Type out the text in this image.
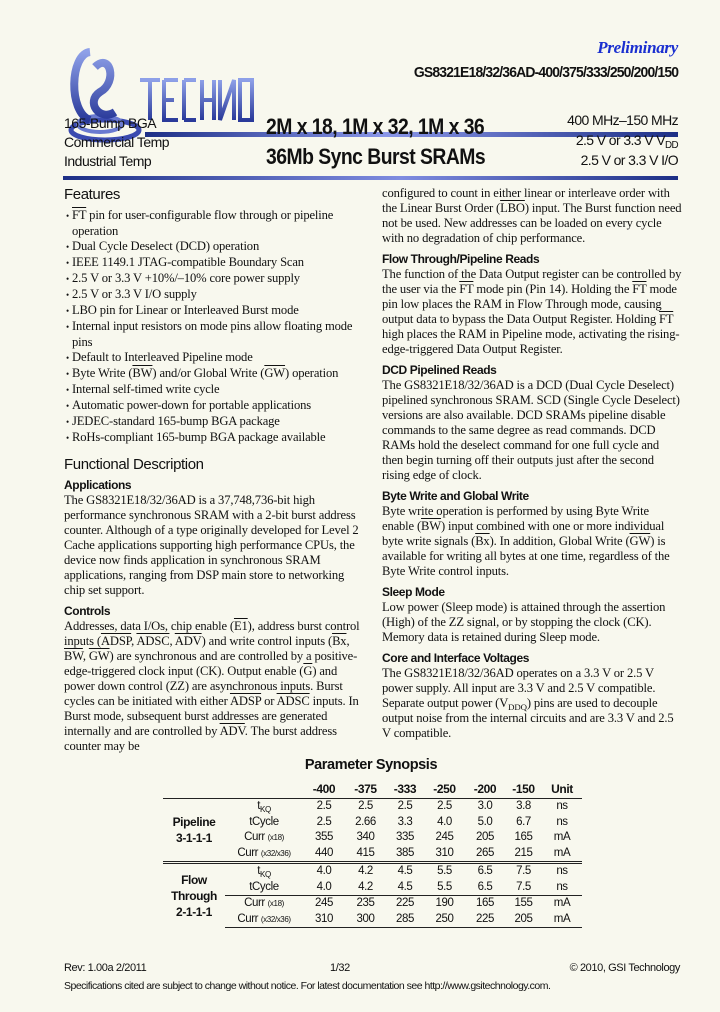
Preliminary
GS8321E18/32/36AD-400/375/333/250/200/150
165-Bump BGA
Commercial Temp
Industrial Temp
2M x 18, 1M x 32, 1M x 36
36Mb Sync Burst SRAMs
400 MHz–150 MHz
2.5 V or 3.3 V $V_{DD}$
2.5 V or 3.3 V I/O
Features
• $\overline{FT}$ pin for user-configurable flow through or pipeline operation
• Dual Cycle Deselect (DCD) operation
• IEEE 1149.1 JTAG-compatible Boundary Scan
• 2.5 V or 3.3 V +10%/–10% core power supply
• 2.5 V or 3.3 V I/O supply
• LBO pin for Linear or Interleaved Burst mode
• Internal input resistors on mode pins allow floating mode pins
• Default to Interleaved Pipeline mode
• Byte Write $(\overline{BW})$ and/or Global Write $(\overline{GW})$ operation
• Internal self-timed write cycle
• Automatic power-down for portable applications
• JEDEC-standard 165-bump BGA package
• RoHs-compliant 165-bump BGA package available
Functional Description
Applications

The GS8321E18/32/36AD is a 37,748,736-bit high performance synchronous SRAM with a 2-bit burst address counter. Although of a type originally developed for Level 2 Cache applications supporting high performance CPUs, the device now finds application in synchronous SRAM applications, ranging from DSP main store to networking chip set support.

Controls

Addresses, data I/Os, chip enable (E1), address burst control inputs (ADSP, ADSC, $\overline{ADV}$) and write control inputs ($\overline{Bx}$, $\overline{BW}$, $\overline{GW}$) are synchronous and are controlled by a positive-edge-triggered clock input (CK). Output enable $(\overline{G})$ and power down control (ZZ) are asynchronous inputs. Burst cycles can be initiated with either ADSP or ADSC inputs. In Burst mode, subsequent burst addresses are generated internally and are controlled by $\overline{ADV}$. The burst address counter may be

configured to count in either linear or interleave order with the Linear Burst Order $(\overline{LBO})$ input. The Burst function need not be used. New addresses can be loaded on every cycle with no degradation of chip performance.

Flow Through/Pipeline Reads

The function of the Data Output register can be controlled by the user via the $\overline{FT}$ mode pin (Pin 14). Holding the $\overline{FT}$ mode pin low places the RAM in Flow Through mode, causing output data to bypass the Data Output Register. Holding $\overline{FT}$ high places the RAM in Pipeline mode, activating the rising-edge-triggered Data Output Register.

DCD Pipelined Reads

The GS8321E18/32/36AD is a DCD (Dual Cycle Deselect) pipelined synchronous SRAM. SCD (Single Cycle Deselect) versions are also available. DCD SRAMs pipeline disable commands to the same degree as read commands. DCD RAMs hold the deselect command for one full cycle and then begin turning off their outputs just after the second rising edge of clock.

Byte Write and Global Write

Byte write operation is performed by using Byte Write enable $(\overline{BW})$ input combined with one or more individual byte write signals $(\overline{Bx})$. In addition, Global Write $(\overline{GW})$ is available for writing all bytes at one time, regardless of the Byte Write control inputs.

Sleep Mode

Low power (Sleep mode) is attained through the assertion (High) of the ZZ signal, or by stopping the clock (CK). Memory data is retained during Sleep mode.

Core and Interface Voltages

The GS8321E18/32/36AD operates on a 3.3 V or 2.5 V power supply. All input are 3.3 V and 2.5 V compatible. Separate output power $(V_{DDQ})$ pins are used to decouple output noise from the internal circuits and are 3.3 V and 2.5 V compatible.

Parameter Synopsis
		-400	-375	-333	-250	-200	-150	Unit

Pipeline
3-1-1-1	$t_{KQ}$	2.5	2.5	2.5	2.5	3.0	3.8	ns
	tCycle	2.5	2.66	3.3	4.0	5.0	6.7	ns
	Curr (x18)	355	340	335	245	205	165	mA
	Curr (x32/x36)	440	415	385	310	265	215	mA

Flow
Through
2-1-1-1	$t_{KQ}$	4.0	4.2	4.5	5.5	6.5	7.5	ns
	tCycle	4.0	4.2	4.5	5.5	6.5	7.5	ns
	Curr (x18)	245	235	225	190	165	155	mA
	Curr (x32/x36)	310	300	285	250	225	205	mA
Rev: 1.00a 2/2011	1/32	© 2010, GSI Technology
Specifications cited are subject to change without notice. For latest documentation see http://www.gsitechnology.com.
